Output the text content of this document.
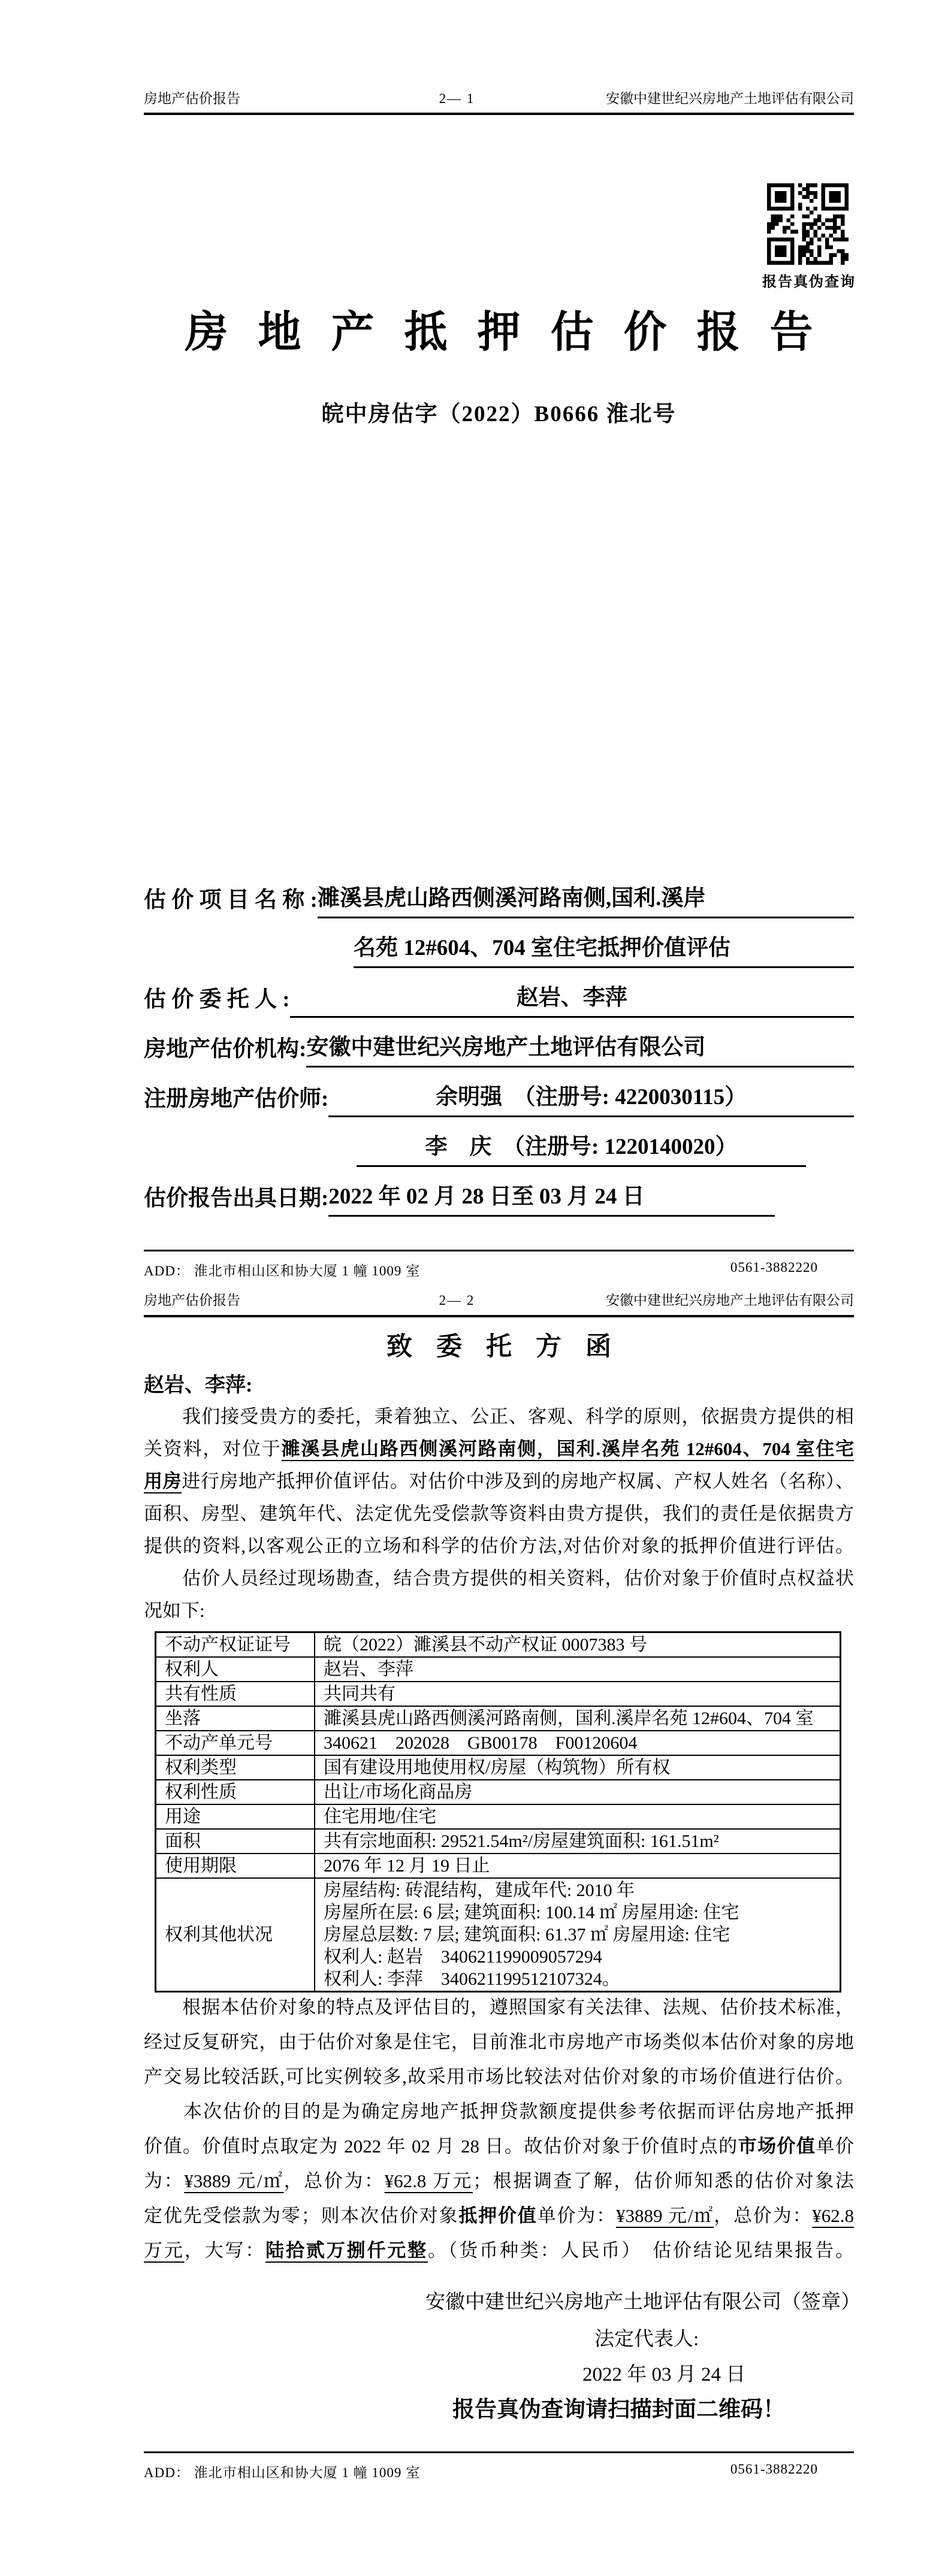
房地产估价报告	2— 1	安徽中建世纪兴房地产土地评估有限公司
报告真伪查询
房地产抵押估价报告
皖中房估字（2022）B0666 淮北号
估 价 项 目 名 称 : 濉溪县虎山路西侧溪河路南侧,国利.溪岸
名苑 12#604、704 室住宅抵押价值评估
估 价 委 托 人 :	赵岩、李萍
房地产估价机构: 安徽中建世纪兴房地产土地评估有限公司
注册房地产估价师:	余明强　（注册号: 4220030115）
李　庆　（注册号: 1220140020）
估价报告出具日期: 2022 年 02 月 28 日至 03 月 24 日
ADD： 淮北市相山区和协大厦 1 幢 1009 室	0561-3882220
房地产估价报告	2— 2	安徽中建世纪兴房地产土地评估有限公司
致委托方函
赵岩、李萍:
　　我们接受贵方的委托，秉着独立、公正、客观、科学的原则，依据贵方提供的相
关资料，对位于濉溪县虎山路西侧溪河路南侧，国利.溪岸名苑 12#604、704 室住宅
用房进行房地产抵押价值评估。对估价中涉及到的房地产权属、产权人姓名（名称）、
面积、房型、建筑年代、法定优先受偿款等资料由贵方提供，我们的责任是依据贵方
提供的资料,以客观公正的立场和科学的估价方法,对估价对象的抵押价值进行评估。
　　估价人员经过现场勘查，结合贵方提供的相关资料，估价对象于价值时点权益状
况如下:
不动产权证证号	皖（2022）濉溪县不动产权证 0007383 号
权利人	赵岩、李萍
共有性质	共同共有
坐落	濉溪县虎山路西侧溪河路南侧，国利.溪岸名苑 12#604、704 室
不动产单元号	340621　202028　GB00178　F00120604
权利类型	国有建设用地使用权/房屋（构筑物）所有权
权利性质	出让/市场化商品房
用途	住宅用地/住宅
面积	共有宗地面积: 29521.54m²/房屋建筑面积: 161.51m²
使用期限	2076 年 12 月 19 日止
权利其他状况	房屋结构: 砖混结构，建成年代: 2010 年
房屋所在层: 6 层; 建筑面积: 100.14 ㎡ 房屋用途: 住宅
房屋总层数: 7 层; 建筑面积: 61.37 ㎡ 房屋用途: 住宅
权利人: 赵岩　340621199009057294
权利人: 李萍　340621199512107324。
　　根据本估价对象的特点及评估目的，遵照国家有关法律、法规、估价技术标准，
经过反复研究，由于估价对象是住宅，目前淮北市房地产市场类似本估价对象的房地
产交易比较活跃,可比实例较多,故采用市场比较法对估价对象的市场价值进行估价。
　　本次估价的目的是为确定房地产抵押贷款额度提供参考依据而评估房地产抵押
价值。价值时点取定为 2022 年 02 月 28 日。故估价对象于价值时点的市场价值单价
为：¥3889 元/㎡，总价为：¥62.8 万元；根据调查了解，估价师知悉的估价对象法
定优先受偿款为零；则本次估价对象抵押价值单价为：¥3889 元/㎡，总价为：¥62.8
万元，大写：陆拾贰万捌仟元整。（货币种类：人民币）　估价结论见结果报告。
安徽中建世纪兴房地产土地评估有限公司（签章）
法定代表人:
2022 年 03 月 24 日
报告真伪查询请扫描封面二维码！
ADD： 淮北市相山区和协大厦 1 幢 1009 室	0561-3882220
